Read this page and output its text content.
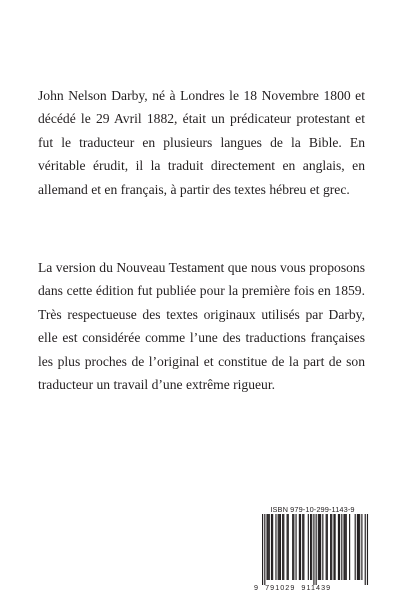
John Nelson Darby, né à Londres le 18 Novembre 1800 et décédé le 29 Avril 1882, était un prédicateur protestant et fut le traducteur en plusieurs langues de la Bible. En véritable érudit, il la traduit directement en anglais, en allemand et en français, à partir des textes hébreu et grec.

La version du Nouveau Testament que nous vous proposons dans cette édition fut publiée pour la première fois en 1859. Très respectueuse des textes originaux utilisés par Darby, elle est considérée comme l’une des traductions françaises les plus proches de l’original et constitue de la part de son traducteur un travail d’une extrême rigueur.

ISBN 979-10-299-1143-9
9 791029 911439
